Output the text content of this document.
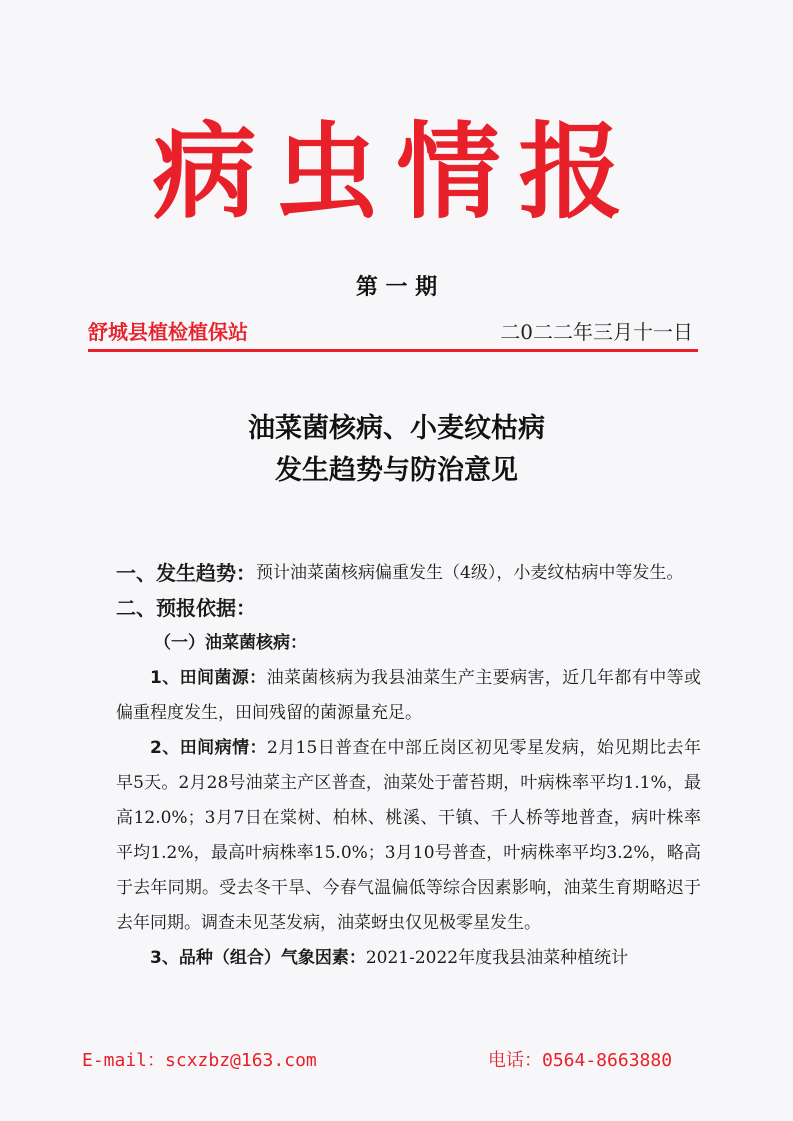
病虫情报
第 一 期
舒城县植检植保站	二0二二年三月十一日
油菜菌核病、小麦纹枯病
发生趋势与防治意见
一、发生趋势： 预计油菜菌核病偏重发生（4级），小麦纹枯病中等发生。
二、预报依据：
（一）油菜菌核病：
1、田间菌源：油菜菌核病为我县油菜生产主要病害，近几年都有中等或偏重程度发生，田间残留的菌源量充足。
2、田间病情：2月15日普查在中部丘岗区初见零星发病，始见期比去年早5天。2月28号油菜主产区普查，油菜处于蕾苔期，叶病株率平均1.1%，最高12.0%；3月7日在棠树、柏林、桃溪、干镇、千人桥等地普查，病叶株率平均1.2%，最高叶病株率15.0%；3月10号普查，叶病株率平均3.2%，略高于去年同期。受去冬干旱、今春气温偏低等综合因素影响，油菜生育期略迟于去年同期。调查未见茎发病，油菜蚜虫仅见极零星发生。
3、品种（组合）气象因素：2021-2022年度我县油菜种植统计
E-mail：scxzbz@163.com	电话：0564-8663880
